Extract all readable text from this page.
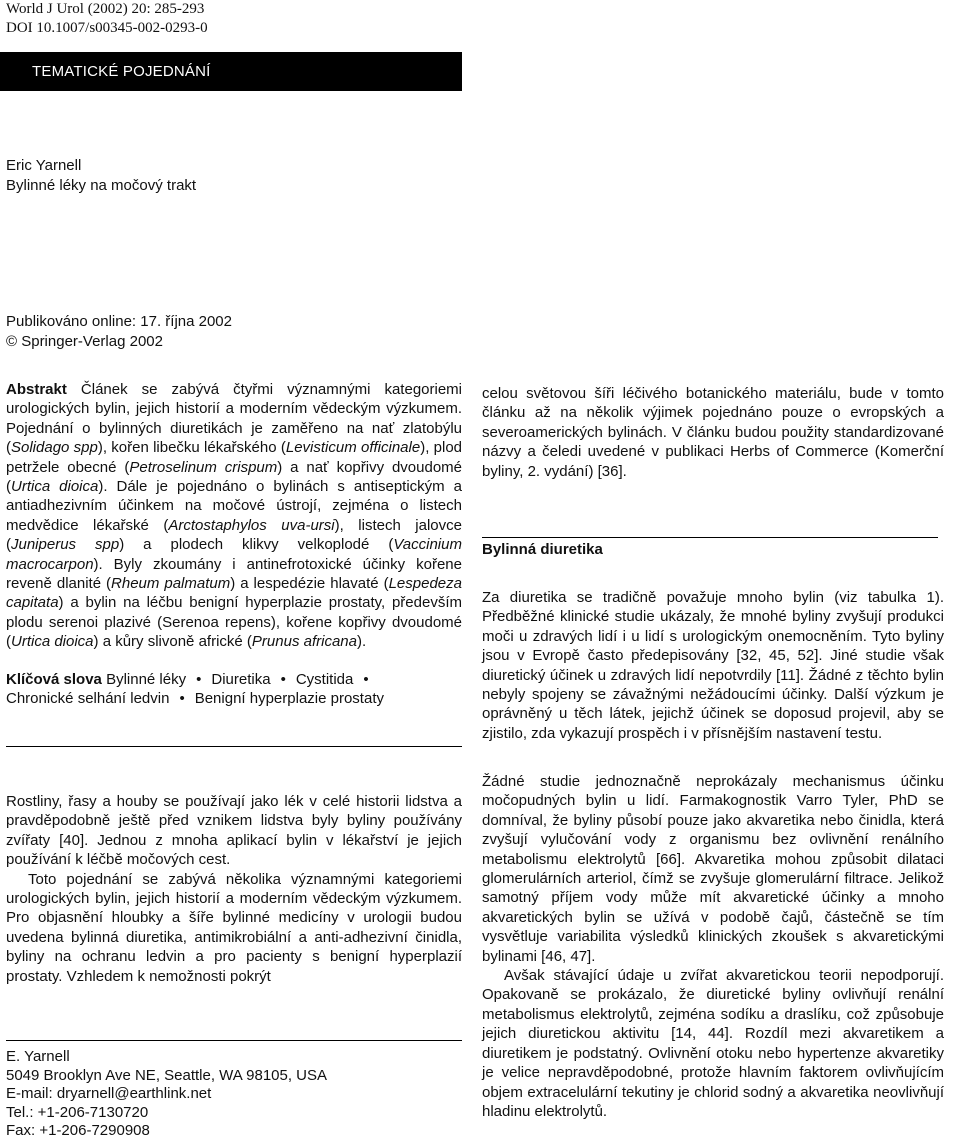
World J Urol (2002) 20: 285-293
DOI 10.1007/s00345-002-0293-0
TEMATICKÉ POJEDNÁNÍ
Eric Yarnell
Bylinné léky na močový trakt
Publikováno online: 17. října 2002
© Springer-Verlag 2002

Abstrakt Článek se zabývá čtyřmi významnými kategoriemi urologických bylin, jejich historií a moderním vědeckým výzkumem. Pojednání o bylinných diuretikách je zaměřeno na nať zlatobýlu (Solidago spp), kořen libečku lékařského (Levisticum officinale), plod petržele obecné (Petroselinum crispum) a nať kopřivy dvoudomé (Urtica dioica). Dále je pojednáno o bylinách s antiseptickým a antiadhezivním účinkem na močové ústrojí, zejména o listech medvědice lékařské (Arctostaphylos uva-ursi), listech jalovce (Juniperus spp) a plodech klikvy velkoplodé (Vaccinium macrocarpon). Byly zkoumány i antinefrotoxické účinky kořene reveně dlanité (Rheum palmatum) a lespedézie hlavaté (Lespedeza capitata) a bylin na léčbu benigní hyperplazie prostaty, především plodu serenoi plazivé (Serenoa repens), kořene kopřivy dvoudomé (Urtica dioica) a kůry slivoně africké (Prunus africana).

Klíčová slova Bylinné léky • Diuretika • Cystitida •
Chronické selhání ledvin • Benigní hyperplazie prostaty

Rostliny, řasy a houby se používají jako lék v celé historii lidstva a pravděpodobně ještě před vznikem lidstva byly byliny používány zvířaty [40]. Jednou z mnoha aplikací bylin v lékařství je jejich používání k léčbě močových cest.

Toto pojednání se zabývá několika významnými kategoriemi urologických bylin, jejich historií a moderním vědeckým výzkumem. Pro objasnění hloubky a šíře bylinné medicíny v urologii budou uvedena bylinná diuretika, antimikrobiální a anti-adhezivní činidla, byliny na ochranu ledvin a pro pacienty s benigní hyperplazií prostaty. Vzhledem k nemožnosti pokrýt

E. Yarnell
5049 Brooklyn Ave NE, Seattle, WA 98105, USA
E-mail: dryarnell@earthlink.net
Tel.: +1-206-7130720
Fax: +1-206-7290908

celou světovou šíři léčivého botanického materiálu, bude v tomto článku až na několik výjimek pojednáno pouze o evropských a severoamerických bylinách. V článku budou použity standardizované názvy a čeledi uvedené v publikaci Herbs of Commerce (Komerční byliny, 2. vydání) [36].

Bylinná diuretika

Za diuretika se tradičně považuje mnoho bylin (viz tabulka 1). Předběžné klinické studie ukázaly, že mnohé byliny zvyšují produkci moči u zdravých lidí i u lidí s urologickým onemocněním. Tyto byliny jsou v Evropě často předepisovány [32, 45, 52]. Jiné studie však diuretický účinek u zdravých lidí nepotvrdily [11]. Žádné z těchto bylin nebyly spojeny se závažnými nežádoucími účinky. Další výzkum je oprávněný u těch látek, jejichž účinek se doposud projevil, aby se zjistilo, zda vykazují prospěch i v přísnějším nastavení testu.

Žádné studie jednoznačně neprokázaly mechanismus účinku močopudných bylin u lidí. Farmakognostik Varro Tyler, PhD se domníval, že byliny působí pouze jako akvaretika nebo činidla, která zvyšují vylučování vody z organismu bez ovlivnění renálního metabolismu elektrolytů [66]. Akvaretika mohou způsobit dilataci glomerulárních arteriol, čímž se zvyšuje glomerulární filtrace. Jelikož samotný příjem vody může mít akvaretické účinky a mnoho akvaretických bylin se užívá v podobě čajů, částečně se tím vysvětluje variabilita výsledků klinických zkoušek s akvaretickými bylinami [46, 47].

Avšak stávající údaje u zvířat akvaretickou teorii nepodporují. Opakovaně se prokázalo, že diuretické byliny ovlivňují renální metabolismus elektrolytů, zejména sodíku a draslíku, což způsobuje jejich diuretickou aktivitu [14, 44]. Rozdíl mezi akvaretikem a diuretikem je podstatný. Ovlivnění otoku nebo hypertenze akvaretiky je velice nepravděpodobné, protože hlavním faktorem ovlivňujícím objem extracelulární tekutiny je chlorid sodný a akvaretika neovlivňují hladinu elektrolytů.
